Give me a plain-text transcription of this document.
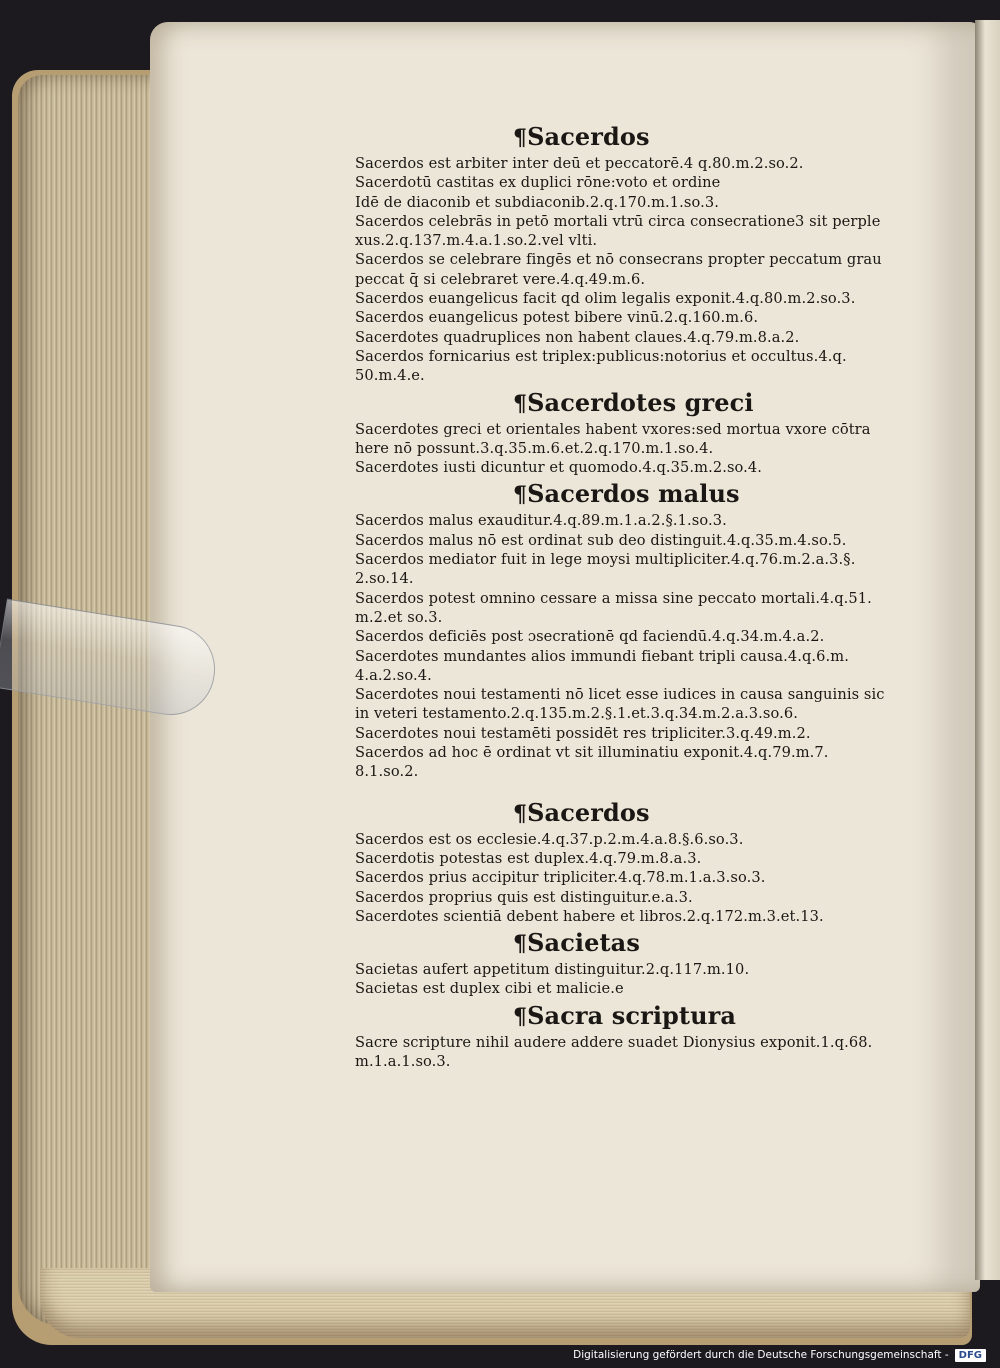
¶Sacerdos
Sacerdos est arbiter inter deū et peccatorē.4 q.80.m.2.so.2.
Sacerdotū castitas ex duplici rōne:voto et ordine
Idē de diaconib et subdiaconib.2.q.170.m.1.so.3.
Sacerdos celebrās in petō mortali vtrū circa consecratione3 sit perple
xus.2.q.137.m.4.a.1.so.2.vel vlti.
Sacerdos se celebrare fingēs et nō consecrans propter peccatum grau
peccat q̄ si celebraret vere.4.q.49.m.6.
Sacerdos euangelicus facit qd olim legalis exponit.4.q.80.m.2.so.3.
Sacerdos euangelicus potest bibere vinū.2.q.160.m.6.
Sacerdotes quadruplices non habent claues.4.q.79.m.8.a.2.
Sacerdos fornicarius est triplex:publicus:notorius et occultus.4.q.
50.m.4.e.
¶Sacerdotes greci
Sacerdotes greci et orientales habent vxores:sed mortua vxore cōtra
here nō possunt.3.q.35.m.6.et.2.q.170.m.1.so.4.
Sacerdotes iusti dicuntur et quomodo.4.q.35.m.2.so.4.
¶Sacerdos malus
Sacerdos malus exauditur.4.q.89.m.1.a.2.§.1.so.3.
Sacerdos malus nō est ordinat sub deo distinguit.4.q.35.m.4.so.5.
Sacerdos mediator fuit in lege moysi multipliciter.4.q.76.m.2.a.3.§.
2.so.14.
Sacerdos potest omnino cessare a missa sine peccato mortali.4.q.51.
m.2.et so.3.
Sacerdos deficiēs post ɔsecrationē qd faciendū.4.q.34.m.4.a.2.
Sacerdotes mundantes alios immundi fiebant tripli causa.4.q.6.m.
4.a.2.so.4.
Sacerdotes noui testamenti nō licet esse iudices in causa sanguinis sic
in veteri testamento.2.q.135.m.2.§.1.et.3.q.34.m.2.a.3.so.6.
Sacerdotes noui testamēti possidēt res tripliciter.3.q.49.m.2.
Sacerdos ad hoc ē ordinat vt sit illuminatiu exponit.4.q.79.m.7.
8.1.so.2.
¶Sacerdos
Sacerdos est os ecclesie.4.q.37.p.2.m.4.a.8.§.6.so.3.
Sacerdotis potestas est duplex.4.q.79.m.8.a.3.
Sacerdos prius accipitur tripliciter.4.q.78.m.1.a.3.so.3.
Sacerdos proprius quis est distinguitur.e.a.3.
Sacerdotes scientiā debent habere et libros.2.q.172.m.3.et.13.
¶Sacietas
Sacietas aufert appetitum distinguitur.2.q.117.m.10.
Sacietas est duplex cibi et malicie.e
¶Sacra scriptura
Sacre scripture nihil audere addere suadet Dionysius exponit.1.q.68.
m.1.a.1.so.3.
Digitalisierung gefördert durch die Deutsche Forschungsgemeinschaft -	DFG
